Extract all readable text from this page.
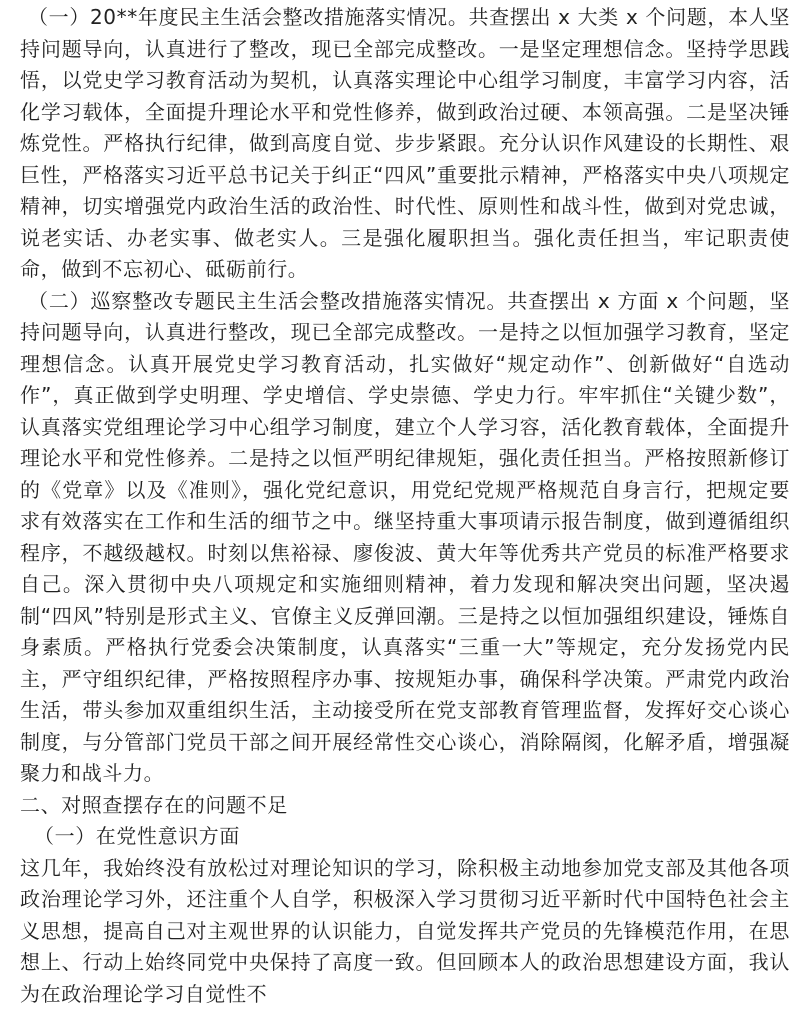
（一）20**年度民主生活会整改措施落实情况。共查摆出 x 大类 x 个问题，本人坚持问题导向，认真进行了整改，现已全部完成整改。一是坚定理想信念。坚持学思践悟，以党史学习教育活动为契机，认真落实理论中心组学习制度，丰富学习内容，活化学习载体，全面提升理论水平和党性修养，做到政治过硬、本领高强。二是坚决锤炼党性。严格执行纪律，做到高度自觉、步步紧跟。充分认识作风建设的长期性、艰巨性，严格落实习近平总书记关于纠正“四风”重要批示精神，严格落实中央八项规定精神，切实增强党内政治生活的政治性、时代性、原则性和战斗性，做到对党忠诚，说老实话、办老实事、做老实人。三是强化履职担当。强化责任担当，牢记职责使命，做到不忘初心、砥砺前行。

（二）巡察整改专题民主生活会整改措施落实情况。共查摆出 x 方面 x 个问题，坚持问题导向，认真进行整改，现已全部完成整改。一是持之以恒加强学习教育，坚定理想信念。认真开展党史学习教育活动，扎实做好“规定动作”、创新做好“自选动作”，真正做到学史明理、学史增信、学史崇德、学史力行。牢牢抓住“关键少数”，认真落实党组理论学习中心组学习制度，建立个人学习容，活化教育载体，全面提升理论水平和党性修养。二是持之以恒严明纪律规矩，强化责任担当。严格按照新修订的《党章》以及《准则》，强化党纪意识，用党纪党规严格规范自身言行，把规定要求有效落实在工作和生活的细节之中。继坚持重大事项请示报告制度，做到遵循组织程序，不越级越权。时刻以焦裕禄、廖俊波、黄大年等优秀共产党员的标准严格要求自己。深入贯彻中央八项规定和实施细则精神，着力发现和解决突出问题，坚决遏制“四风”特别是形式主义、官僚主义反弹回潮。三是持之以恒加强组织建设，锤炼自身素质。严格执行党委会决策制度，认真落实“三重一大”等规定，充分发扬党内民主，严守组织纪律，严格按照程序办事、按规矩办事，确保科学决策。严肃党内政治生活，带头参加双重组织生活，主动接受所在党支部教育管理监督，发挥好交心谈心制度，与分管部门党员干部之间开展经常性交心谈心，消除隔阂，化解矛盾，增强凝聚力和战斗力。

二、对照查摆存在的问题不足

（一）在党性意识方面

这几年，我始终没有放松过对理论知识的学习，除积极主动地参加党支部及其他各项政治理论学习外，还注重个人自学，积极深入学习贯彻习近平新时代中国特色社会主义思想，提高自己对主观世界的认识能力，自觉发挥共产党员的先锋模范作用，在思想上、行动上始终同党中央保持了高度一致。但回顾本人的政治思想建设方面，我认为在政治理论学习自觉性不
